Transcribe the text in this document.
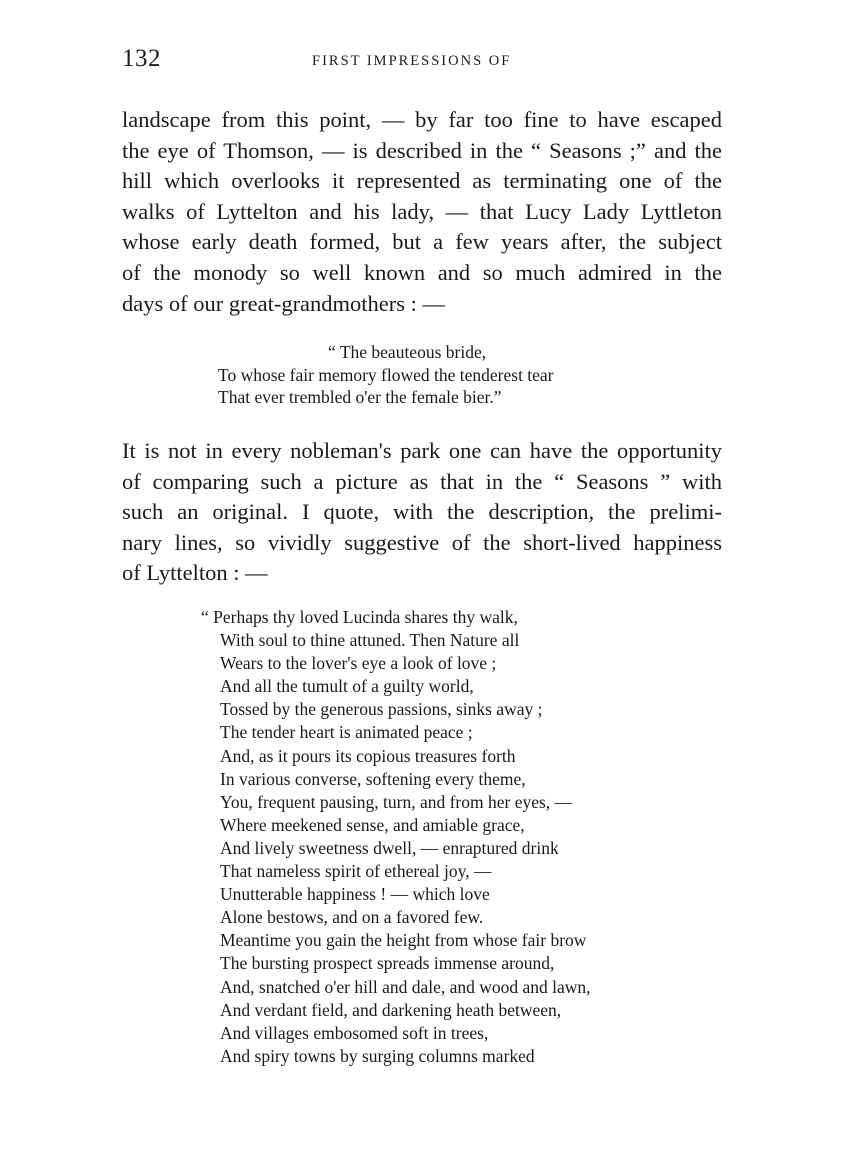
132	FIRST IMPRESSIONS OF
landscape from this point, — by far too fine to have escaped
the eye of Thomson, — is described in the “ Seasons ;” and the
hill which overlooks it represented as terminating one of the
walks of Lyttelton and his lady, — that Lucy Lady Lyttleton
whose early death formed, but a few years after, the subject
of the monody so well known and so much admired in the
days of our great-grandmothers : —
“ The beauteous bride,
To whose fair memory flowed the tenderest tear
That ever trembled o'er the female bier.”
It is not in every nobleman's park one can have the opportunity
of comparing such a picture as that in the “ Seasons ” with
such an original. I quote, with the description, the prelimi-
nary lines, so vividly suggestive of the short-lived happiness
of Lyttelton : —
“ Perhaps thy loved Lucinda shares thy walk,
With soul to thine attuned. Then Nature all
Wears to the lover's eye a look of love ;
And all the tumult of a guilty world,
Tossed by the generous passions, sinks away ;
The tender heart is animated peace ;
And, as it pours its copious treasures forth
In various converse, softening every theme,
You, frequent pausing, turn, and from her eyes, —
Where meekened sense, and amiable grace,
And lively sweetness dwell, — enraptured drink
That nameless spirit of ethereal joy, —
Unutterable happiness ! — which love
Alone bestows, and on a favored few.
Meantime you gain the height from whose fair brow
The bursting prospect spreads immense around,
And, snatched o'er hill and dale, and wood and lawn,
And verdant field, and darkening heath between,
And villages embosomed soft in trees,
And spiry towns by surging columns marked
